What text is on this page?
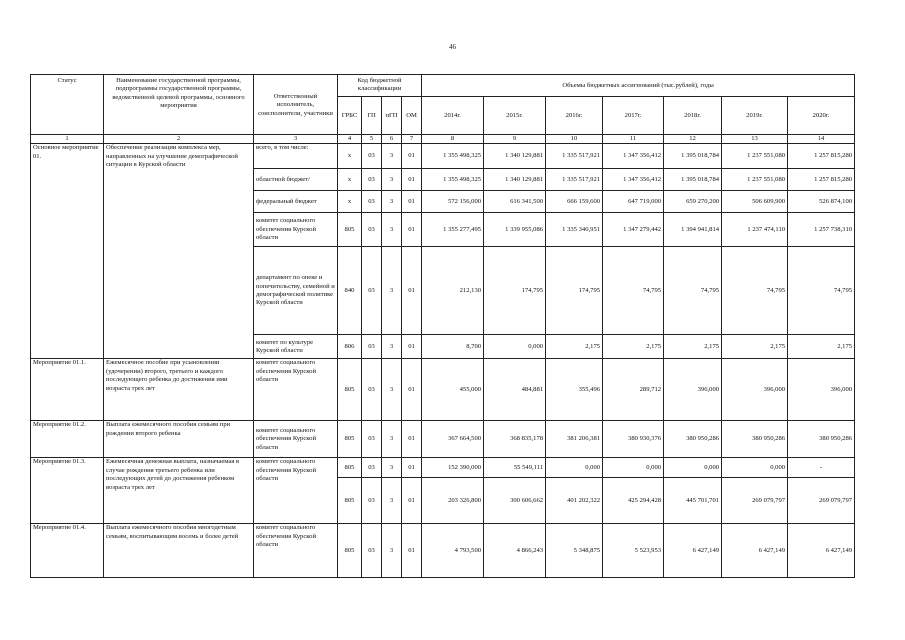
46
Статус	Наименование государственной программы, подпрограммы государственной программы, ведомственной целевой программы, основного мероприятия	Ответственный исполнитель, соисполнители, участники	Код бюджетной классификации				Объемы бюджетных ассигнований (тыс.рублей), годы						
			ГРБС	ГП	пГП	ОМ	2014г.	2015г.	2016г.	2017г.	2018г.	2019г.	2020г.
1	2	3	4	5	6	7	8	9	10	11	12	13	14
Основное мероприятие 01.	Обеспечение реализации комплекса мер, направленных на улучшение демографической ситуации в Курской области	всего, в том числе:	x	03	3	01	1 355 498,325	1 340 129,881	1 335 517,921	1 347 356,412	1 395 018,784	1 237 551,080	1 257 815,280
		областной бюджет/	x	03	3	01	1 355 498,325	1 340 129,881	1 335 517,921	1 347 356,412	1 395 018,784	1 237 551,080	1 257 815,280
		федеральный бюджет	x	03	3	01	572 156,000	616 341,500	666 159,600	647 719,000	659 270,200	506 609,900	526 874,100
		комитет социального обеспечения Курской области	805	03	3	01	1 355 277,495	1 339 955,086	1 335 340,951	1 347 279,442	1 394 941,814	1 237 474,110	1 257 738,310
		департамент по опеке и попечительству, семейной и демографической политике Курской области	840	03	3	01	212,130	174,795	174,795	74,795	74,795	74,795	74,795
		комитет по культуре Курской области	806	03	3	01	8,700	0,000	2,175	2,175	2,175	2,175	2,175
Мероприятие 01.1.	Ежемесячное пособие при усыновлении (удочерении) второго, третьего и каждого последующего ребенка до достижения ими возраста трех лет	комитет социального обеспечения Курской области	805	03	3	01	455,000	484,881	355,496	289,712	396,000	396,000	396,000
Мероприятие 01.2.	Выплата ежемесячного пособия семьям при рождении второго ребенка	комитет социального обеспечения Курской области	805	03	3	01	367 664,500	368 835,178	381 206,381	380 930,376	380 950,286	380 950,286	380 950,286
Мероприятие 01.3.	Ежемесячная денежная выплата, назначаемая в случае рождения третьего ребенка или последующих детей до достижения ребенком возраста трех лет	комитет социального обеспечения Курской области	805	03	3	01	152 390,000	55 549,111	0,000	0,000	0,000	0,000	-
			805	03	3	01	203 326,800	300 606,662	401 202,322	425 294,428	445 701,701	269 079,797	269 079,797
Мероприятие 01.4.	Выплата ежемесячного пособия многодетным семьям, воспитывающим восемь и более детей	комитет социального обеспечения Курской области	805	03	3	01	4 793,500	4 866,243	5 348,875	5 523,953	6 427,149	6 427,149	6 427,149
